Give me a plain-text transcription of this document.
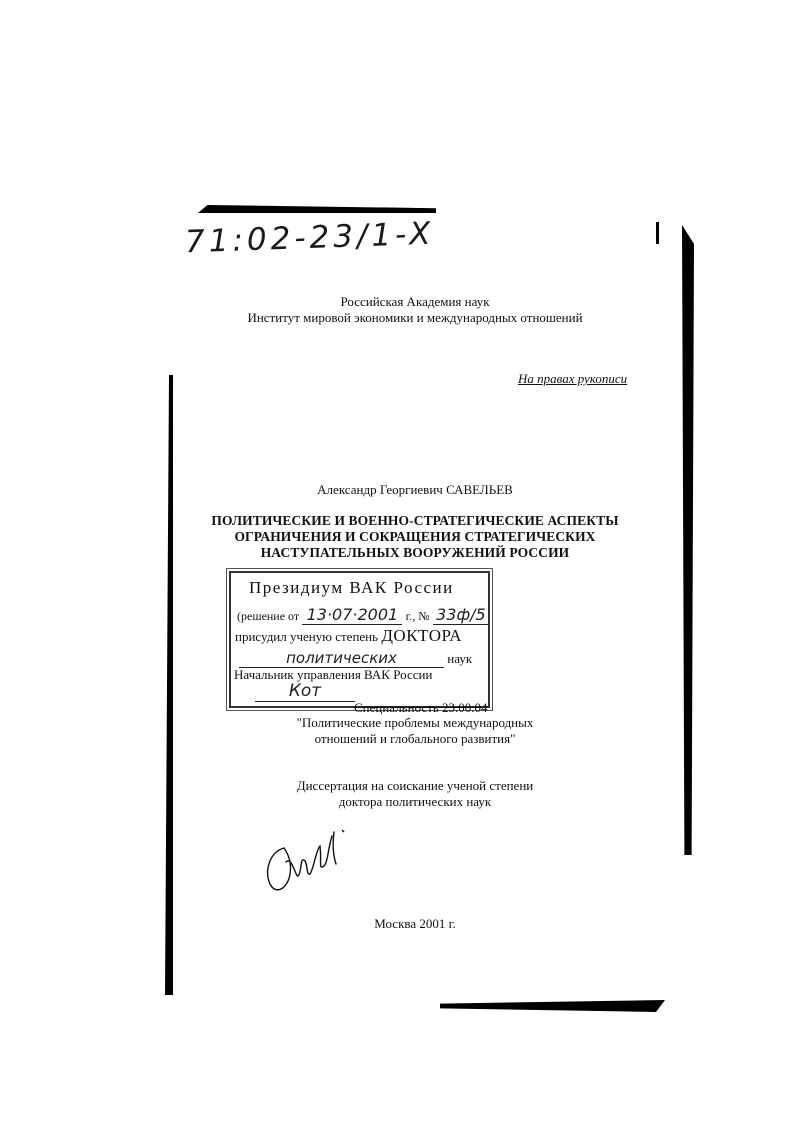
71:02-23/1-X
Российская Академия наук
Институт мировой экономики и международных отношений
На правах рукописи
Александр Георгиевич САВЕЛЬЕВ
ПОЛИТИЧЕСКИЕ И ВОЕННО-СТРАТЕГИЧЕСКИЕ АСПЕКТЫ
ОГРАНИЧЕНИЯ И СОКРАЩЕНИЯ СТРАТЕГИЧЕСКИХ
НАСТУПАТЕЛЬНЫХ ВООРУЖЕНИЙ РОССИИ
Президиум ВАК России
(решение от 13·07·2001 г., № 33ф/5
присудил ученую степень ДОКТОРА
политических	наук
Начальник управления ВАК России
Кот
Специальность 23.00.04
"Политические проблемы международных
отношений и глобального развития"
Диссертация на соискание ученой степени
доктора политических наук
Москва 2001 г.
